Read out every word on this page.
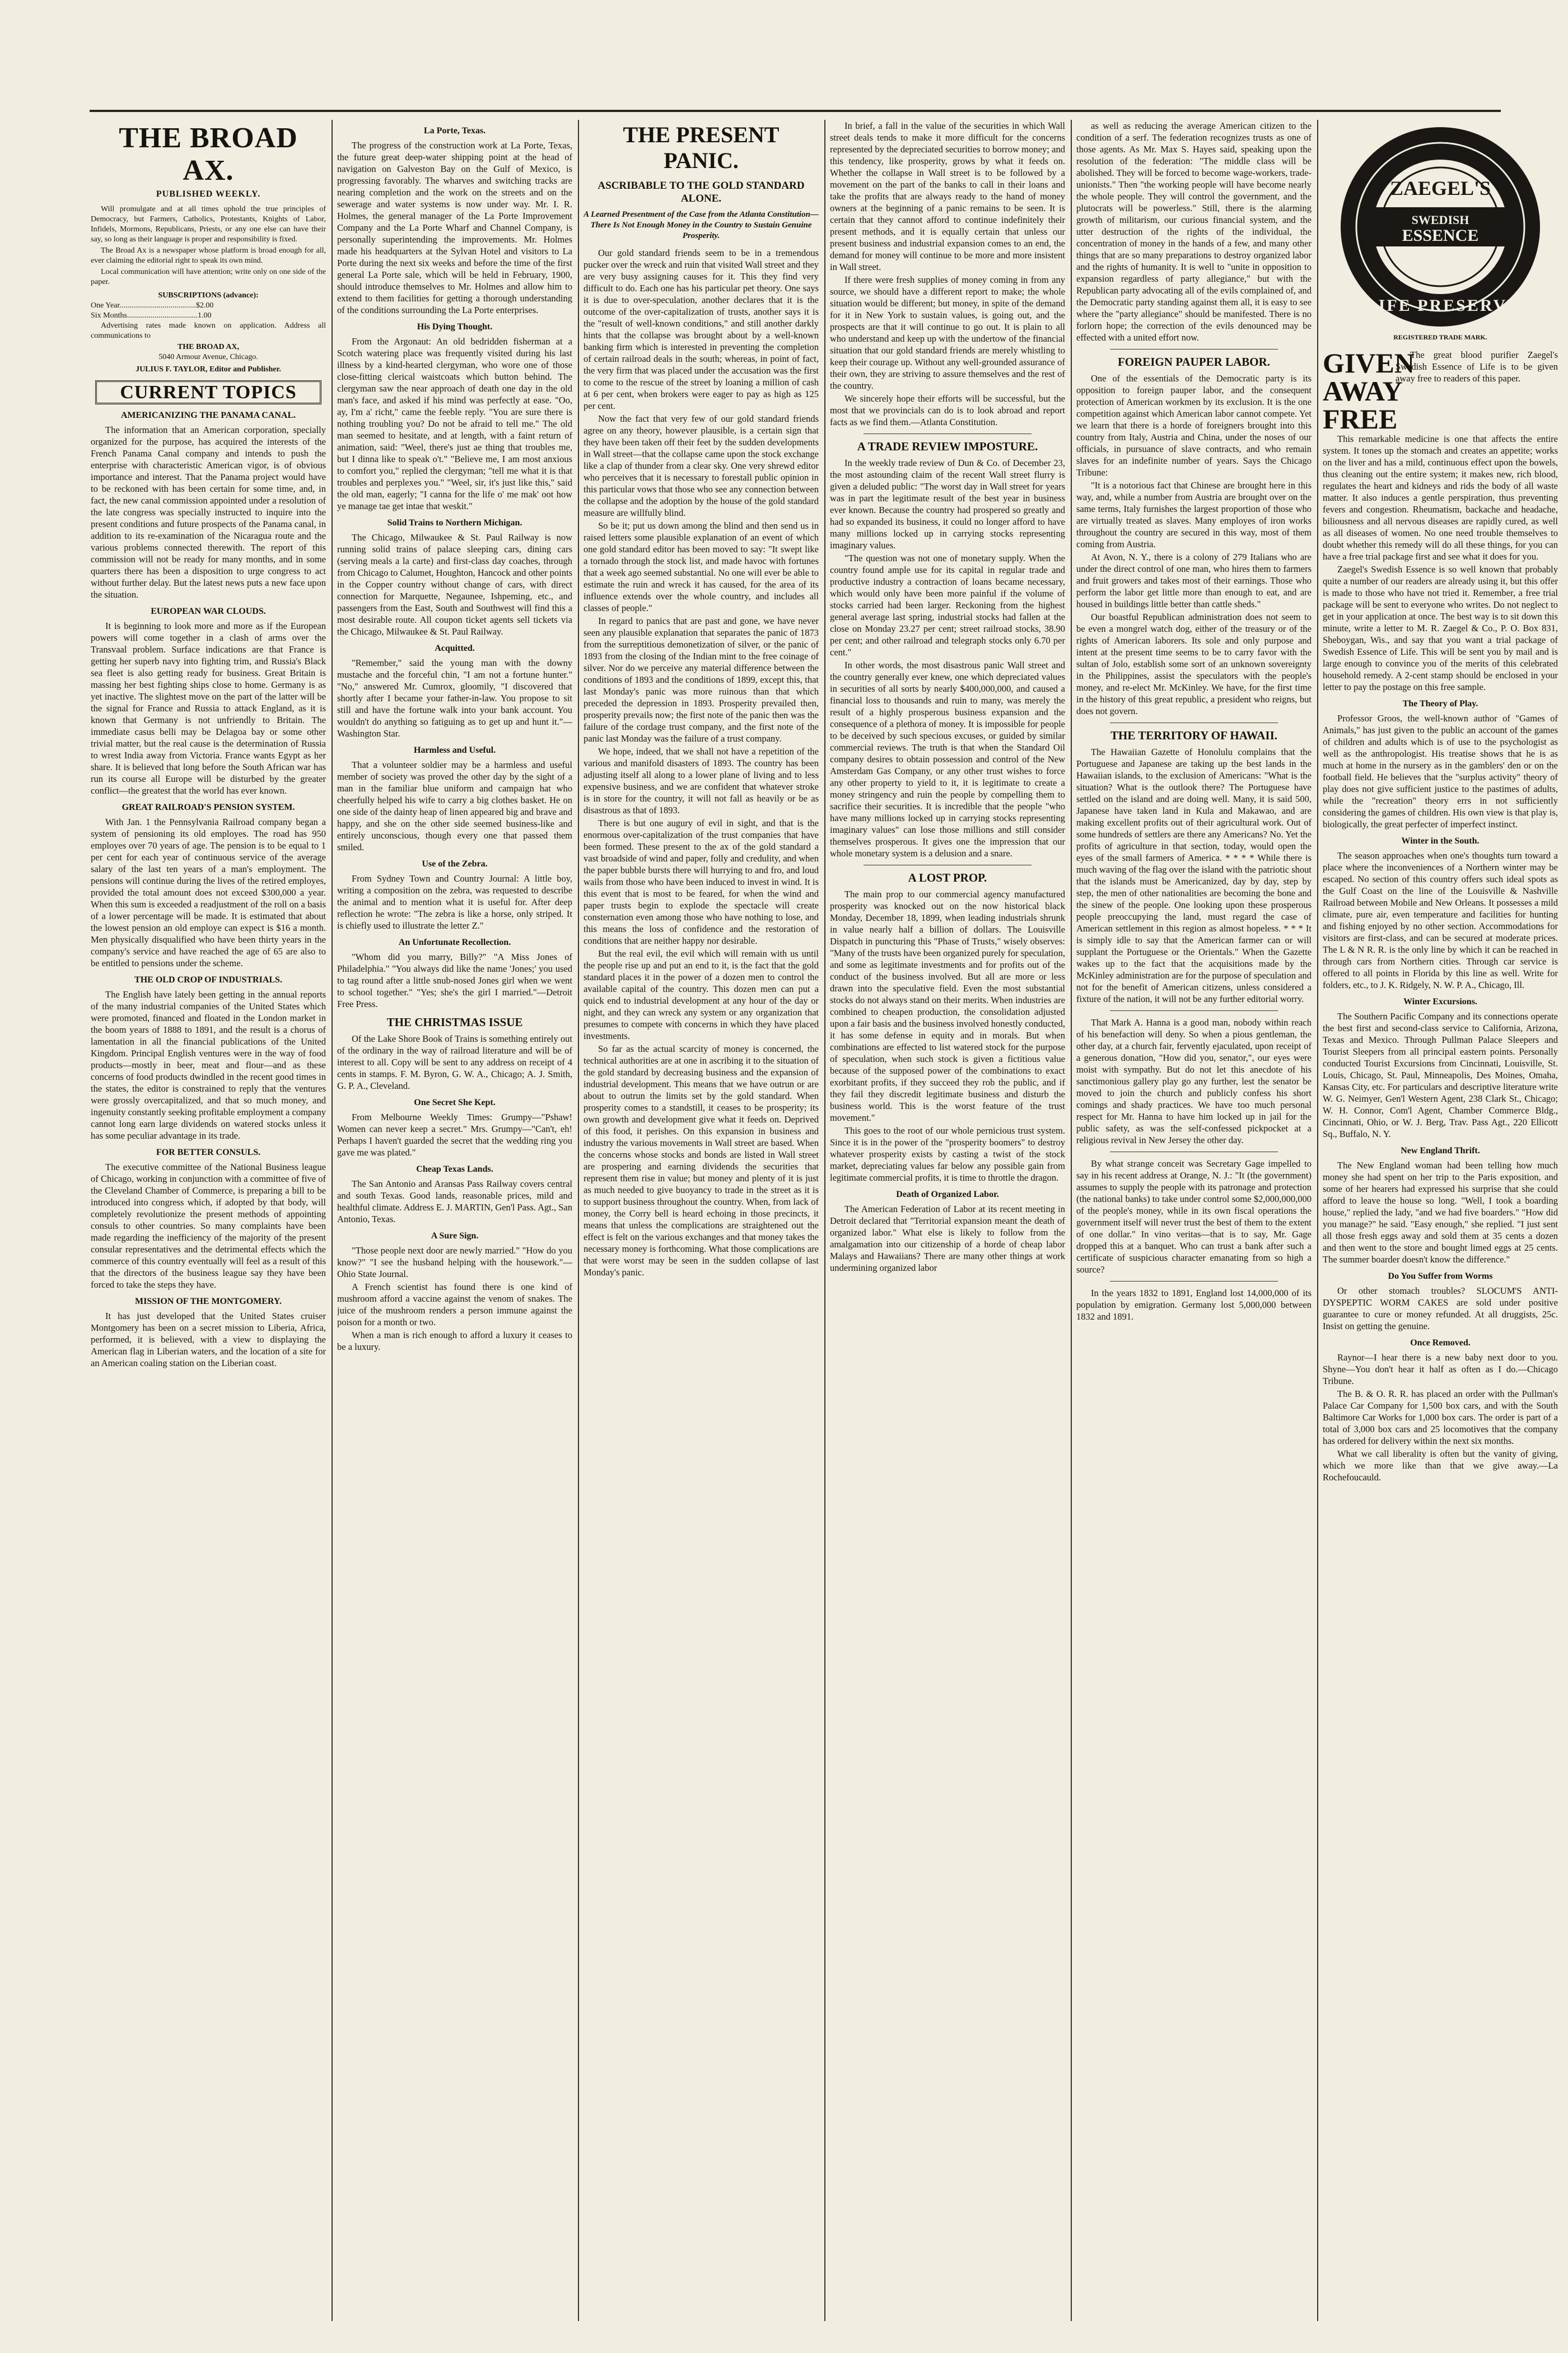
THE BROAD AX.
PUBLISHED WEEKLY.

Will promulgate and at all times uphold the true principles of Democracy, but Farmers, Catholics, Protestants, Knights of Labor, Infidels, Mormons, Republicans, Priests, or any one else can have their say, so long as their language is proper and responsibility is fixed.

The Broad Ax is a newspaper whose platform is broad enough for all, ever claiming the editorial right to speak its own mind.

Local communication will have attention; write only on one side of the paper.

SUBSCRIPTIONS (advance):
One Year.......................................$2.00
Six Months....................................1.00

Advertising rates made known on application. Address all communications to

THE BROAD AX,
5040 Armour Avenue, Chicago.
JULIUS F. TAYLOR, Editor and Publisher.
CURRENT TOPICS
AMERICANIZING THE PANAMA CANAL.

The information that an American corporation, specially organized for the purpose, has acquired the interests of the French Panama Canal company and intends to push the enterprise with characteristic American vigor, is of obvious importance and interest. That the Panama project would have to be reckoned with has been certain for some time, and, in fact, the new canal commission appointed under a resolution of the late congress was specially instructed to inquire into the present conditions and future prospects of the Panama canal, in addition to its re-examination of the Nicaragua route and the various problems connected therewith. The report of this commission will not be ready for many months, and in some quarters there has been a disposition to urge congress to act without further delay. But the latest news puts a new face upon the situation.

EUROPEAN WAR CLOUDS.

It is beginning to look more and more as if the European powers will come together in a clash of arms over the Transvaal problem. Surface indications are that France is getting her superb navy into fighting trim, and Russia's Black sea fleet is also getting ready for business. Great Britain is massing her best fighting ships close to home. Germany is as yet inactive. The slightest move on the part of the latter will be the signal for France and Russia to attack England, as it is known that Germany is not unfriendly to Britain. The immediate casus belli may be Delagoa bay or some other trivial matter, but the real cause is the determination of Russia to wrest India away from Victoria. France wants Egypt as her share. It is believed that long before the South African war has run its course all Europe will be disturbed by the greater conflict—the greatest that the world has ever known.

GREAT RAILROAD'S PENSION SYSTEM.

With Jan. 1 the Pennsylvania Railroad company began a system of pensioning its old employes. The road has 950 employes over 70 years of age. The pension is to be equal to 1 per cent for each year of continuous service of the average salary of the last ten years of a man's employment. The pensions will continue during the lives of the retired employes, provided the total amount does not exceed $300,000 a year. When this sum is exceeded a readjustment of the roll on a basis of a lower percentage will be made. It is estimated that about the lowest pension an old employe can expect is $16 a month. Men physically disqualified who have been thirty years in the company's service and have reached the age of 65 are also to be entitled to pensions under the scheme.

THE OLD CROP OF INDUSTRIALS.

The English have lately been getting in the annual reports of the many industrial companies of the United States which were promoted, financed and floated in the London market in the boom years of 1888 to 1891, and the result is a chorus of lamentation in all the financial publications of the United Kingdom. Principal English ventures were in the way of food products—mostly in beer, meat and flour—and as these concerns of food products dwindled in the recent good times in the states, the editor is constrained to reply that the ventures were grossly overcapitalized, and that so much money, and ingenuity constantly seeking profitable employment a company cannot long earn large dividends on watered stocks unless it has some peculiar advantage in its trade.

FOR BETTER CONSULS.

The executive committee of the National Business league of Chicago, working in conjunction with a committee of five of the Cleveland Chamber of Commerce, is preparing a bill to be introduced into congress which, if adopted by that body, will completely revolutionize the present methods of appointing consuls to other countries. So many complaints have been made regarding the inefficiency of the majority of the present consular representatives and the detrimental effects which the commerce of this country eventually will feel as a result of this that the directors of the business league say they have been forced to take the steps they have.

MISSION OF THE MONTGOMERY.

It has just developed that the United States cruiser Montgomery has been on a secret mission to Liberia, Africa, performed, it is believed, with a view to displaying the American flag in Liberian waters, and the location of a site for an American coaling station on the Liberian coast.

La Porte, Texas.

The progress of the construction work at La Porte, Texas, the future great deep-water shipping point at the head of navigation on Galveston Bay on the Gulf of Mexico, is progressing favorably. The wharves and switching tracks are nearing completion and the work on the streets and on the sewerage and water systems is now under way. Mr. I. R. Holmes, the general manager of the La Porte Improvement Company and the La Porte Wharf and Channel Company, is personally superintending the improvements. Mr. Holmes made his headquarters at the Sylvan Hotel and visitors to La Porte during the next six weeks and before the time of the first general La Porte sale, which will be held in February, 1900, should introduce themselves to Mr. Holmes and allow him to extend to them facilities for getting a thorough understanding of the conditions surrounding the La Porte enterprises.

His Dying Thought.

From the Argonaut: An old bedridden fisherman at a Scotch watering place was frequently visited during his last illness by a kind-hearted clergyman, who wore one of those close-fitting clerical waistcoats which button behind. The clergyman saw the near approach of death one day in the old man's face, and asked if his mind was perfectly at ease. "Oo, ay, I'm a' richt," came the feeble reply. "You are sure there is nothing troubling you? Do not be afraid to tell me." The old man seemed to hesitate, and at length, with a faint return of animation, said: "Weel, there's just ae thing that troubles me, but I dinna like to speak o't." "Believe me, I am most anxious to comfort you," replied the clergyman; "tell me what it is that troubles and perplexes you." "Weel, sir, it's just like this," said the old man, eagerly; "I canna for the life o' me mak' oot how ye manage tae get intae that weskit."

Solid Trains to Northern Michigan.

The Chicago, Milwaukee & St. Paul Railway is now running solid trains of palace sleeping cars, dining cars (serving meals a la carte) and first-class day coaches, through from Chicago to Calumet, Houghton, Hancock and other points in the Copper country without change of cars, with direct connection for Marquette, Negaunee, Ishpeming, etc., and passengers from the East, South and Southwest will find this a most desirable route. All coupon ticket agents sell tickets via the Chicago, Milwaukee & St. Paul Railway.

Acquitted.

"Remember," said the young man with the downy mustache and the forceful chin, "I am not a fortune hunter." "No," answered Mr. Cumrox, gloomily, "I discovered that shortly after I became your father-in-law. You propose to sit still and have the fortune walk into your bank account. You wouldn't do anything so fatiguing as to get up and hunt it."—Washington Star.

Harmless and Useful.

That a volunteer soldier may be a harmless and useful member of society was proved the other day by the sight of a man in the familiar blue uniform and campaign hat who cheerfully helped his wife to carry a big clothes basket. He on one side of the dainty heap of linen appeared big and brave and happy, and she on the other side seemed business-like and entirely unconscious, though every one that passed them smiled.

Use of the Zebra.

From Sydney Town and Country Journal: A little boy, writing a composition on the zebra, was requested to describe the animal and to mention what it is useful for. After deep reflection he wrote: "The zebra is like a horse, only striped. It is chiefly used to illustrate the letter Z."

An Unfortunate Recollection.

"Whom did you marry, Billy?" "A Miss Jones of Philadelphia." "You always did like the name 'Jones;' you used to tag round after a little snub-nosed Jones girl when we went to school together." "Yes; she's the girl I married."—Detroit Free Press.

THE CHRISTMAS ISSUE

Of the Lake Shore Book of Trains is something entirely out of the ordinary in the way of railroad literature and will be of interest to all. Copy will be sent to any address on receipt of 4 cents in stamps. F. M. Byron, G. W. A., Chicago; A. J. Smith, G. P. A., Cleveland.

One Secret She Kept.

From Melbourne Weekly Times: Grumpy—"Pshaw! Women can never keep a secret." Mrs. Grumpy—"Can't, eh! Perhaps I haven't guarded the secret that the wedding ring you gave me was plated."

Cheap Texas Lands.

The San Antonio and Aransas Pass Railway covers central and south Texas. Good lands, reasonable prices, mild and healthful climate. Address E. J. MARTIN, Gen'l Pass. Agt., San Antonio, Texas.

A Sure Sign.

"Those people next door are newly married." "How do you know?" "I see the husband helping with the housework."—Ohio State Journal.

A French scientist has found there is one kind of mushroom afford a vaccine against the venom of snakes. The juice of the mushroom renders a person immune against the poison for a month or two.

When a man is rich enough to afford a luxury it ceases to be a luxury.

THE PRESENT PANIC.
ASCRIBABLE TO THE GOLD STANDARD ALONE.
A Learned Presentment of the Case from the Atlanta Constitution—There Is Not Enough Money in the Country to Sustain Genuine Prosperity.

Our gold standard friends seem to be in a tremendous pucker over the wreck and ruin that visited Wall street and they are very busy assigning causes for it. This they find very difficult to do. Each one has his particular pet theory. One says it is due to over-speculation, another declares that it is the outcome of the over-capitalization of trusts, another says it is the "result of well-known conditions," and still another darkly hints that the collapse was brought about by a well-known banking firm which is interested in preventing the completion of certain railroad deals in the south; whereas, in point of fact, the very firm that was placed under the accusation was the first to come to the rescue of the street by loaning a million of cash at 6 per cent, when brokers were eager to pay as high as 125 per cent.

Now the fact that very few of our gold standard friends agree on any theory, however plausible, is a certain sign that they have been taken off their feet by the sudden developments in Wall street—that the collapse came upon the stock exchange like a clap of thunder from a clear sky. One very shrewd editor who perceives that it is necessary to forestall public opinion in this particular vows that those who see any connection between the collapse and the adoption by the house of the gold standard measure are willfully blind.

So be it; put us down among the blind and then send us in raised letters some plausible explanation of an event of which one gold standard editor has been moved to say: "It swept like a tornado through the stock list, and made havoc with fortunes that a week ago seemed substantial. No one will ever be able to estimate the ruin and wreck it has caused, for the area of its influence extends over the whole country, and includes all classes of people."

In regard to panics that are past and gone, we have never seen any plausible explanation that separates the panic of 1873 from the surreptitious demonetization of silver, or the panic of 1893 from the closing of the Indian mint to the free coinage of silver. Nor do we perceive any material difference between the conditions of 1893 and the conditions of 1899, except this, that last Monday's panic was more ruinous than that which preceded the depression in 1893. Prosperity prevailed then, prosperity prevails now; the first note of the panic then was the failure of the cordage trust company, and the first note of the panic last Monday was the failure of a trust company.

We hope, indeed, that we shall not have a repetition of the various and manifold disasters of 1893. The country has been adjusting itself all along to a lower plane of living and to less expensive business, and we are confident that whatever stroke is in store for the country, it will not fall as heavily or be as disastrous as that of 1893.

There is but one augury of evil in sight, and that is the enormous over-capitalization of the trust companies that have been formed. These present to the ax of the gold standard a vast broadside of wind and paper, folly and credulity, and when the paper bubble bursts there will hurrying to and fro, and loud wails from those who have been induced to invest in wind. It is this event that is most to be feared, for when the wind and paper trusts begin to explode the spectacle will create consternation even among those who have nothing to lose, and this means the loss of confidence and the restoration of conditions that are neither happy nor desirable.

But the real evil, the evil which will remain with us until the people rise up and put an end to it, is the fact that the gold standard places it in the power of a dozen men to control the available capital of the country. This dozen men can put a quick end to industrial development at any hour of the day or night, and they can wreck any system or any organization that presumes to compete with concerns in which they have placed investments.

So far as the actual scarcity of money is concerned, the technical authorities are at one in ascribing it to the situation of the gold standard by decreasing business and the expansion of industrial development. This means that we have outrun or are about to outrun the limits set by the gold standard. When prosperity comes to a standstill, it ceases to be prosperity; its own growth and development give what it feeds on. Deprived of this food, it perishes. On this expansion in business and industry the various movements in Wall street are based. When the concerns whose stocks and bonds are listed in Wall street are prospering and earning dividends the securities that represent them rise in value; but money and plenty of it is just as much needed to give buoyancy to trade in the street as it is to support business throughout the country. When, from lack of money, the Corry bell is heard echoing in those precincts, it means that unless the complications are straightened out the effect is felt on the various exchanges and that money takes the necessary money is forthcoming. What those complications are that were worst may be seen in the sudden collapse of last Monday's panic.

In brief, a fall in the value of the securities in which Wall street deals tends to make it more difficult for the concerns represented by the depreciated securities to borrow money; and this tendency, like prosperity, grows by what it feeds on. Whether the collapse in Wall street is to be followed by a movement on the part of the banks to call in their loans and take the profits that are always ready to the hand of money owners at the beginning of a panic remains to be seen. It is certain that they cannot afford to continue indefinitely their present methods, and it is equally certain that unless our present business and industrial expansion comes to an end, the demand for money will continue to be more and more insistent in Wall street.

If there were fresh supplies of money coming in from any source, we should have a different report to make; the whole situation would be different; but money, in spite of the demand for it in New York to sustain values, is going out, and the prospects are that it will continue to go out. It is plain to all who understand and keep up with the undertow of the financial situation that our gold standard friends are merely whistling to keep their courage up. Without any well-grounded assurance of their own, they are striving to assure themselves and the rest of the country.

We sincerely hope their efforts will be successful, but the most that we provincials can do is to look abroad and report facts as we find them.—Atlanta Constitution.

A TRADE REVIEW IMPOSTURE.

In the weekly trade review of Dun & Co. of December 23, the most astounding claim of the recent Wall street flurry is given a deluded public: "The worst day in Wall street for years was in part the legitimate result of the best year in business ever known. Because the country had prospered so greatly and had so expanded its business, it could no longer afford to have many millions locked up in carrying stocks representing imaginary values.

"The question was not one of monetary supply. When the country found ample use for its capital in regular trade and productive industry a contraction of loans became necessary, which would only have been more painful if the volume of stocks carried had been larger. Reckoning from the highest general average last spring, industrial stocks had fallen at the close on Monday 23.27 per cent; street railroad stocks, 38.90 per cent; and other railroad and telegraph stocks only 6.70 per cent."

In other words, the most disastrous panic Wall street and the country generally ever knew, one which depreciated values in securities of all sorts by nearly $400,000,000, and caused a financial loss to thousands and ruin to many, was merely the result of a highly prosperous business expansion and the consequence of a plethora of money. It is impossible for people to be deceived by such specious excuses, or guided by similar commercial reviews. The truth is that when the Standard Oil company desires to obtain possession and control of the New Amsterdam Gas Company, or any other trust wishes to force any other property to yield to it, it is legitimate to create a money stringency and ruin the people by compelling them to sacrifice their securities. It is incredible that the people "who have many millions locked up in carrying stocks representing imaginary values" can lose those millions and still consider themselves prosperous. It gives one the impression that our whole monetary system is a delusion and a snare.

A LOST PROP.

The main prop to our commercial agency manufactured prosperity was knocked out on the now historical black Monday, December 18, 1899, when leading industrials shrunk in value nearly half a billion of dollars. The Louisville Dispatch in puncturing this "Phase of Trusts," wisely observes: "Many of the trusts have been organized purely for speculation, and some as legitimate investments and for profits out of the conduct of the business involved. But all are more or less drawn into the speculative field. Even the most substantial stocks do not always stand on their merits. When industries are combined to cheapen production, the consolidation adjusted upon a fair basis and the business involved honestly conducted, it has some defense in equity and in morals. But when combinations are effected to list watered stock for the purpose of speculation, when such stock is given a fictitious value because of the supposed power of the combinations to exact exorbitant profits, if they succeed they rob the public, and if they fail they discredit legitimate business and disturb the business world. This is the worst feature of the trust movement."

This goes to the root of our whole pernicious trust system. Since it is in the power of the "prosperity boomers" to destroy whatever prosperity exists by casting a twist of the stock market, depreciating values far below any possible gain from legitimate commercial profits, it is time to throttle the dragon.

Death of Organized Labor.

The American Federation of Labor at its recent meeting in Detroit declared that "Territorial expansion meant the death of organized labor." What else is likely to follow from the amalgamation into our citizenship of a horde of cheap labor Malays and Hawaiians? There are many other things at work undermining organized labor

as well as reducing the average American citizen to the condition of a serf. The federation recognizes trusts as one of those agents. As Mr. Max S. Hayes said, speaking upon the resolution of the federation: "The middle class will be abolished. They will be forced to become wage-workers, trade-unionists." Then "the working people will have become nearly the whole people. They will control the government, and the plutocrats will be powerless." Still, there is the alarming growth of militarism, our curious financial system, and the utter destruction of the rights of the individual, the concentration of money in the hands of a few, and many other things that are so many preparations to destroy organized labor and the rights of humanity. It is well to "unite in opposition to expansion regardless of party allegiance," but with the Republican party advocating all of the evils complained of, and the Democratic party standing against them all, it is easy to see where the "party allegiance" should be manifested. There is no forlorn hope; the correction of the evils denounced may be effected with a united effort now.

FOREIGN PAUPER LABOR.

One of the essentials of the Democratic party is its opposition to foreign pauper labor, and the consequent protection of American workmen by its exclusion. It is the one competition against which American labor cannot compete. Yet we learn that there is a horde of foreigners brought into this country from Italy, Austria and China, under the noses of our officials, in pursuance of slave contracts, and who remain slaves for an indefinite number of years. Says the Chicago Tribune:

"It is a notorious fact that Chinese are brought here in this way, and, while a number from Austria are brought over on the same terms, Italy furnishes the largest proportion of those who are virtually treated as slaves. Many employes of iron works throughout the country are secured in this way, most of them coming from Austria.

At Avon, N. Y., there is a colony of 279 Italians who are under the direct control of one man, who hires them to farmers and fruit growers and takes most of their earnings. Those who perform the labor get little more than enough to eat, and are housed in buildings little better than cattle sheds."

Our boastful Republican administration does not seem to be even a mongrel watch dog, either of the treasury or of the rights of American laborers. Its sole and only purpose and intent at the present time seems to be to carry favor with the sultan of Jolo, establish some sort of an unknown sovereignty in the Philippines, assist the speculators with the people's money, and re-elect Mr. McKinley. We have, for the first time in the history of this great republic, a president who reigns, but does not govern.

THE TERRITORY OF HAWAII.

The Hawaiian Gazette of Honolulu complains that the Portuguese and Japanese are taking up the best lands in the Hawaiian islands, to the exclusion of Americans: "What is the situation? What is the outlook there? The Portuguese have settled on the island and are doing well. Many, it is said 500, Japanese have taken land in Kula and Makawao, and are making excellent profits out of their agricultural work. Out of some hundreds of settlers are there any Americans? No. Yet the profits of agriculture in that section, today, would open the eyes of the small farmers of America. * * * * While there is much waving of the flag over the island with the patriotic shout that the islands must be Americanized, day by day, step by step, the men of other nationalities are becoming the bone and the sinew of the people. One looking upon these prosperous people preoccupying the land, must regard the case of American settlement in this region as almost hopeless. * * * It is simply idle to say that the American farmer can or will supplant the Portuguese or the Orientals." When the Gazette wakes up to the fact that the acquisitions made by the McKinley administration are for the purpose of speculation and not for the benefit of American citizens, unless considered a fixture of the nation, it will not be any further editorial worry.

That Mark A. Hanna is a good man, nobody within reach of his benefaction will deny. So when a pious gentleman, the other day, at a church fair, fervently ejaculated, upon receipt of a generous donation, "How did you, senator,", our eyes were moist with sympathy. But do not let this anecdote of his sanctimonious gallery play go any further, lest the senator be moved to join the church and publicly confess his short comings and shady practices. We have too much personal respect for Mr. Hanna to have him locked up in jail for the public safety, as was the self-confessed pickpocket at a religious revival in New Jersey the other day.

By what strange conceit was Secretary Gage impelled to say in his recent address at Orange, N. J.: "It (the government) assumes to supply the people with its patronage and protection (the national banks) to take under control some $2,000,000,000 of the people's money, while in its own fiscal operations the government itself will never trust the best of them to the extent of one dollar." In vino veritas—that is to say, Mr. Gage dropped this at a banquet. Who can trust a bank after such a certificate of suspicious character emanating from so high a source?

In the years 1832 to 1891, England lost 14,000,000 of its population by emigration. Germany lost 5,000,000 between 1832 and 1891.

ZAEGEL'S
SWEDISH
ESSENCE
A LIFE PRESERVER
REGISTERED TRADE MARK.
GIVEN
AWAY
FREE

The great blood purifier Zaegel's Swedish Essence of Life is to be given away free to readers of this paper.

This remarkable medicine is one that affects the entire system. It tones up the stomach and creates an appetite; works on the liver and has a mild, continuous effect upon the bowels, thus cleaning out the entire system; it makes new, rich blood, regulates the heart and kidneys and rids the body of all waste matter. It also induces a gentle perspiration, thus preventing fevers and congestion. Rheumatism, backache and headache, biliousness and all nervous diseases are rapidly cured, as well as all diseases of women. No one need trouble themselves to doubt whether this remedy will do all these things, for you can have a free trial package first and see what it does for you.

Zaegel's Swedish Essence is so well known that probably quite a number of our readers are already using it, but this offer is made to those who have not tried it. Remember, a free trial package will be sent to everyone who writes. Do not neglect to get in your application at once. The best way is to sit down this minute, write a letter to M. R. Zaegel & Co., P. O. Box 831, Sheboygan, Wis., and say that you want a trial package of Swedish Essence of Life. This will be sent you by mail and is large enough to convince you of the merits of this celebrated household remedy. A 2-cent stamp should be enclosed in your letter to pay the postage on this free sample.

The Theory of Play.

Professor Groos, the well-known author of "Games of Animals," has just given to the public an account of the games of children and adults which is of use to the psychologist as well as the anthropologist. His treatise shows that he is as much at home in the nursery as in the gamblers' den or on the football field. He believes that the "surplus activity" theory of play does not give sufficient justice to the pastimes of adults, while the "recreation" theory errs in not sufficiently considering the games of children. His own view is that play is, biologically, the great perfecter of imperfect instinct.

Winter in the South.

The season approaches when one's thoughts turn toward a place where the inconveniences of a Northern winter may be escaped. No section of this country offers such ideal spots as the Gulf Coast on the line of the Louisville & Nashville Railroad between Mobile and New Orleans. It possesses a mild climate, pure air, even temperature and facilities for hunting and fishing enjoyed by no other section. Accommodations for visitors are first-class, and can be secured at moderate prices. The L & N R. R. is the only line by which it can be reached in through cars from Northern cities. Through car service is offered to all points in Florida by this line as well. Write for folders, etc., to J. K. Ridgely, N. W. P. A., Chicago, Ill.

Winter Excursions.

The Southern Pacific Company and its connections operate the best first and second-class service to California, Arizona, Texas and Mexico. Through Pullman Palace Sleepers and Tourist Sleepers from all principal eastern points. Personally conducted Tourist Excursions from Cincinnati, Louisville, St. Louis, Chicago, St. Paul, Minneapolis, Des Moines, Omaha, Kansas City, etc. For particulars and descriptive literature write W. G. Neimyer, Gen'l Western Agent, 238 Clark St., Chicago; W. H. Connor, Com'l Agent, Chamber Commerce Bldg., Cincinnati, Ohio, or W. J. Berg, Trav. Pass Agt., 220 Ellicott Sq., Buffalo, N. Y.

New England Thrift.

The New England woman had been telling how much money she had spent on her trip to the Paris exposition, and some of her hearers had expressed his surprise that she could afford to leave the house so long. "Well, I took a boarding house," replied the lady, "and we had five boarders." "How did you manage?" he said. "Easy enough," she replied. "I just sent all those fresh eggs away and sold them at 35 cents a dozen and then went to the store and bought limed eggs at 25 cents. The summer boarder doesn't know the difference."

Do You Suffer from Worms

Or other stomach troubles? SLOCUM'S ANTI-DYSPEPTIC WORM CAKES are sold under positive guarantee to cure or money refunded. At all druggists, 25c. Insist on getting the genuine.

Once Removed.

Raynor—I hear there is a new baby next door to you. Shyne—You don't hear it half as often as I do.—Chicago Tribune.

The B. & O. R. R. has placed an order with the Pullman's Palace Car Company for 1,500 box cars, and with the South Baltimore Car Works for 1,000 box cars. The order is part of a total of 3,000 box cars and 25 locomotives that the company has ordered for delivery within the next six months.

What we call liberality is often but the vanity of giving, which we more like than that we give away.—La Rochefoucauld.
